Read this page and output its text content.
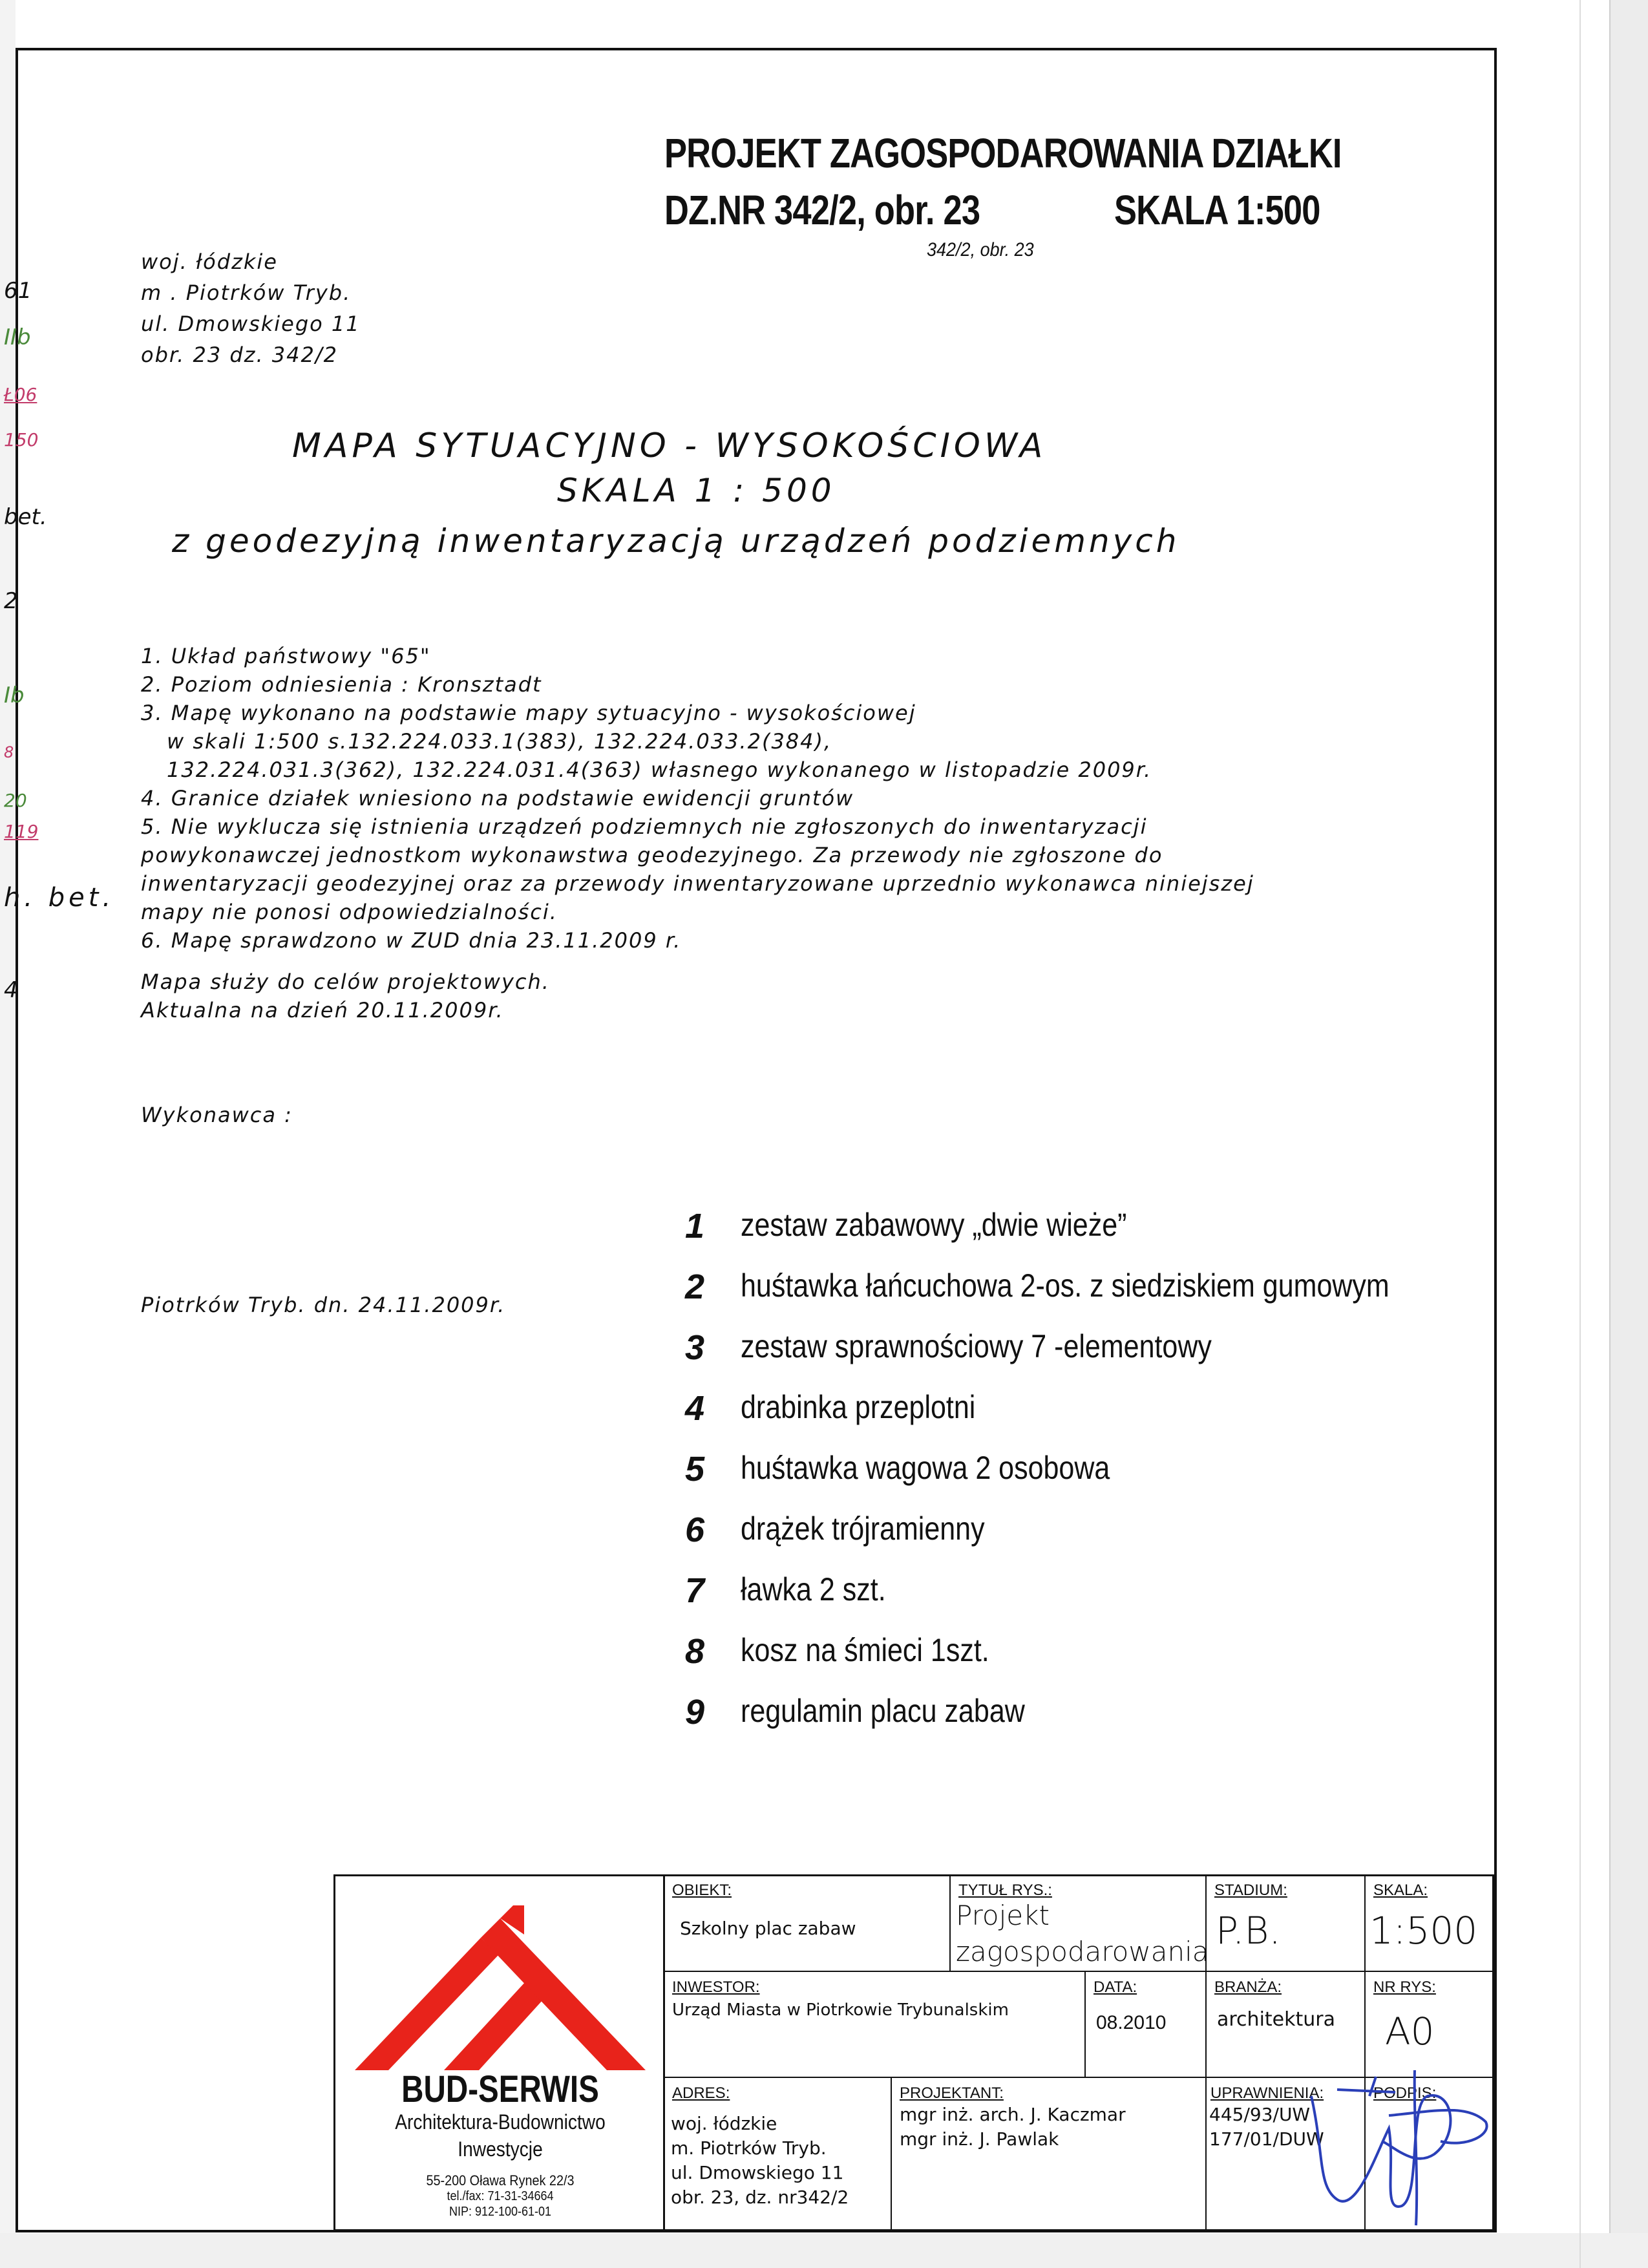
PROJEKT ZAGOSPODAROWANIA DZIAŁKI
DZ.NR 342/2, obr. 23	SKALA 1:500
342/2, obr. 23
woj. łódzkie
m . Piotrków Tryb.
ul. Dmowskiego 11
obr. 23 dz. 342/2
MAPA SYTUACYJNO - WYSOKOŚCIOWA
SKALA 1 : 500
z geodezyjną inwentaryzacją urządzeń podziemnych
1. Układ państwowy "65"
2. Poziom odniesienia : Kronsztadt
3. Mapę wykonano na podstawie mapy sytuacyjno - wysokościowej
w skali 1:500 s.132.224.033.1(383), 132.224.033.2(384),
132.224.031.3(362), 132.224.031.4(363) własnego wykonanego w listopadzie 2009r.
4. Granice działek wniesiono na podstawie ewidencji gruntów
5. Nie wyklucza się istnienia urządzeń podziemnych nie zgłoszonych do inwentaryzacji
powykonawczej jednostkom wykonawstwa geodezyjnego. Za przewody nie zgłoszone do
inwentaryzacji geodezyjnej oraz za przewody inwentaryzowane uprzednio wykonawca niniejszej
mapy nie ponosi odpowiedzialności.
6. Mapę sprawdzono w ZUD dnia 23.11.2009 r.
Mapa służy do celów projektowych.
Aktualna na dzień 20.11.2009r.
Wykonawca :
Piotrków Tryb. dn. 24.11.2009r.
61
IIb
Ł06
150
bet.
2
Ib
8
20
119
h. bet.
4
1 zestaw zabawowy „dwie wieże”
2 huśtawka łańcuchowa 2-os. z siedziskiem gumowym
3 zestaw sprawnościowy 7 -elementowy
4 drabinka przeplotni
5 huśtawka wagowa 2 osobowa
6 drążek trójramienny
7 ławka 2 szt.
8 kosz na śmieci 1szt.
9 regulamin placu zabaw
BUD-SERWIS
Architektura-Budownictwo
Inwestycje
55-200 Oława Rynek 22/3
tel./fax: 71-31-34664
NIP: 912-100-61-01
OBIEKT:
Szkolny plac zabaw
TYTUŁ RYS.:
Projekt
zagospodarowania
STADIUM:
P.B.
SKALA:
1:500
INWESTOR:
Urząd Miasta w Piotrkowie Trybunalskim
DATA:
08.2010
BRANŻA:
architektura
NR RYS:
A0
ADRES:
woj. łódzkie
m. Piotrków Tryb.
ul. Dmowskiego 11
obr. 23, dz. nr342/2
PROJEKTANT:
mgr inż. arch. J. Kaczmar
mgr inż. J. Pawlak
UPRAWNIENIA:
445/93/UW
177/01/DUW
PODPIS:
